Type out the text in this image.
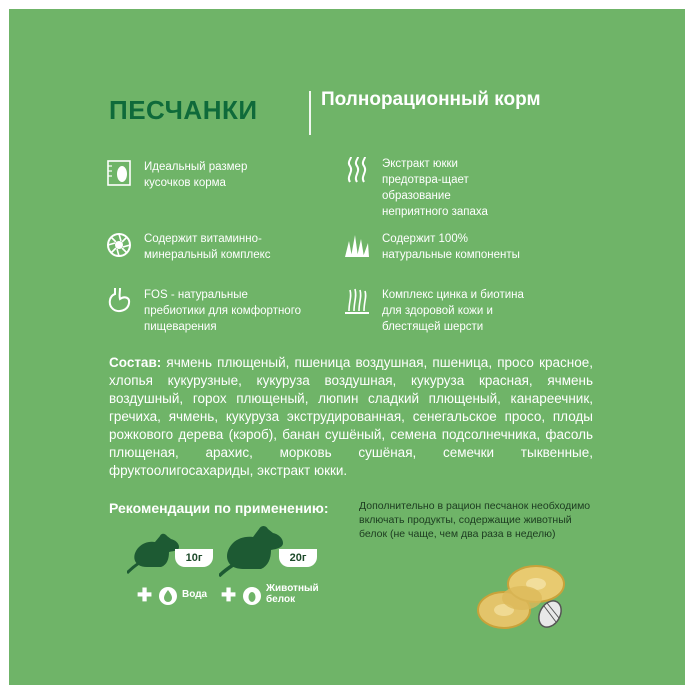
ПЕСЧАНКИ	Полнорационный корм
Идеальный размер кусочков корма
Экстракт юкки предотвра-щает образование неприятного запаха
Содержит витаминно-минеральный комплекс
Содержит 100% натуральные компоненты
FOS - натуральные пребиотики для комфортного пищеварения
Комплекс цинка и биотина для здоровой кожи и блестящей шерсти
Состав: ячмень плющеный, пшеница воздушная, пшеница, просо красное, хлопья кукурузные, кукуруза воздушная, кукуруза красная, ячмень воздушный, горох плющеный, люпин сладкий плющеный, канареечник, гречиха, ячмень, кукуруза экструдированная, сенегальское просо, плоды рожкового дерева (кэроб), банан сушёный, семена подсолнечника, фасоль плющеная, арахис, морковь сушёная, семечки тыквенные, фруктоолигосахариды, экстракт юкки.
Рекомендации по применению:
10г	20г
✚	Вода ✚	Животный
белок
Дополнительно в рацион песчанок необходимо включать продукты, содержащие животный белок (не чаще, чем два раза в неделю)
